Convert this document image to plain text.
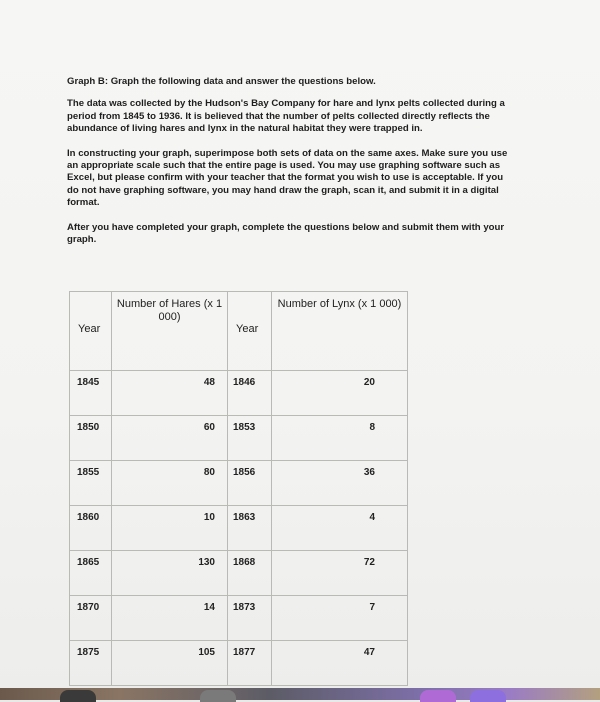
Graph B: Graph the following data and answer the questions below.

The data was collected by the Hudson's Bay Company for hare and lynx pelts collected during a period from 1845 to 1936. It is believed that the number of pelts collected directly reflects the abundance of living hares and lynx in the natural habitat they were trapped in.

In constructing your graph, superimpose both sets of data on the same axes. Make sure you use an appropriate scale such that the entire page is used. You may use graphing software such as Excel, but please confirm with your teacher that the format you wish to use is acceptable. If you do not have graphing software, you may hand draw the graph, scan it, and submit it in a digital format.

After you have completed your graph, complete the questions below and submit them with your graph.

Year	Number of Hares (x 1 000)	Year	Number of Lynx (x 1 000)

1845	48	1846	20

1850	60	1853	8

1855	80	1856	36

1860	10	1863	4

1865	130	1868	72

1870	14	1873	7

1875	105	1877	47
